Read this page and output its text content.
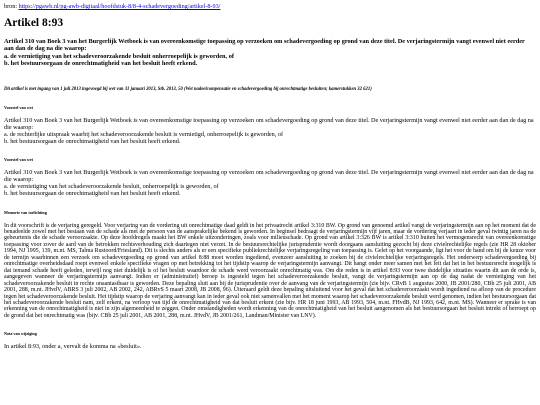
bron: https://pgawb.nl/pg-awb-digitaal/hoofdstuk-8/8-4-schadevergoeding/artikel-8-93/
Artikel 8:93
Artikel 310 van Boek 3 van het Burgerlijk Wetboek is van overeenkomstige toepassing op verzoeken om schadevergoeding op grond van deze titel. De verjaringstermijn vangt evenwel niet eerder aan dan de dag na die waarop:
a. de vernietiging van het schadeveroorzakende besluit onherroepelijk is geworden, of
b. het bestuursorgaan de onrechtmatigheid van het besluit heeft erkend.
Dit artikel is met ingang van 1 juli 2013 ingevoegd bij wet van 31 januari 2013, Stb. 2013, 50 (Wet nadeelcompensatie en schadevergoeding bij onrechtmatige besluiten; kamerstukken 32 621)
Voorstel van wet

Artikel 310 van Boek 3 van het Burgerlijk Wetboek is van overeenkomstige toepassing op verzoeken om schadevergoeding op grond van deze titel. De verjaringstermijn vangt evenwel niet eerder aan dan de dag na die waarop:

a. de rechterlijke uitspraak waarbij het schadeveroorzakende besluit is vernietigd, onherroepelijk is geworden, of

b. het bestuursorgaan de onrechtmatigheid van het besluit heeft erkend.

Voorstel van wet

Artikel 310 van Boek 3 van het Burgerlijk Wetboek is van overeenkomstige toepassing op verzoeken om schadevergoeding op grond van deze titel. De verjaringstermijn vangt evenwel niet eerder aan dan de dag na die waarop:

a. de vernietiging van het schadeveroorzakende besluit, onherroepelijk is geworden, of

b. het bestuursorgaan de onrechtmatigheid van het besluit heeft erkend.

Memorie van toelichting
In dit voorschrift is de verjaring geregeld. Voor verjaring van de vordering uit onrechtmatige daad geldt in het privaatrecht artikel 3:310 BW. Op grond van genoemd artikel vangt de verjaringstermijn aan op het moment dat de benadeelde zowel met het bestaan van de schade als met de persoon van de aansprakelijke bekend is geworden. In beginsel bedraagt de verjaringstermijn vijf jaren, maar de vordering verjaart in ieder geval twintig jaren na de gebeurtenis die de schade veroorzaakte. Op deze hoofdregels maakt het BW enkele uitzonderingen, zoals voor milieuschade. Op grond van artikel 3:326 BW is artikel 3:310 buiten het vermogensrecht van overeenkomstige toepassing voor zover de aard van de betrokken rechtsverhouding zich daartegen niet verzet. In de bestuursrechtelijke jurisprudentie wordt doorgaans aansluiting gezocht bij deze civielrechtelijke regels (zie HR 28 oktober 1994, NJ 1995, 139, m.nt. MS, Talma Rustoord/Friesland). Dit is slechts anders als er een specifieke publiekrechtelijke verjaringsregeling van toepassing is. Gelet op het voorgaande, ligt het voor de hand om bij de keuze voor de termijn waarbinnen een verzoek om schadevergoeding op grond van artikel 8:88 moet worden ingediend, evenzeer aansluiting te zoeken bij de civielrechtelijke verjaringsregels. Het onderwerp schadevergoeding bij onrechtmatige overheidsdaad roept evenwel enkele specifieke vragen op met betrekking tot het tijdstip waarop de verjaringstermijn aanvangt. Dit hangt onder meer samen met het feit dat het in het bestuursrecht mogelijk is dat iemand schade heeft geleden, terwijl nog niet duidelijk is of het besluit waardoor de schade werd veroorzaakt onrechtmatig was. Om die reden is in artikel 8:93 voor twee duidelijke situaties waarin dit aan de orde is, aangegeven wanneer de verjaringstermijn aanvangt. Indien er (administratief) beroep is ingesteld tegen het schadeveroorzakende besluit, vangt de verjaringstermijn aan op de dag nadat de vernietiging van het schadeveroorzakende besluit in rechte onaantastbaar is geworden. Deze bepaling sluit aan bij de jurisprudentie over de aanvang van de verjaringstermijn (zie bijv. CRvB 1 augustus 2000, JB 2001/280, CBb 25 juli 2001, AB 2001, 288, m.nt. JHvdV, ABRS 3 juli 2002, AB 2002, 242, ABRvS 5 maart 2008, JB 2008, 96). Uiteraard geldt deze bepaling uitsluitend voor het geval dat het schadeveroorzaakt wordt ingediend na afloop van de procedure tegen het schadeveroorzakende besluit. Het tijdstip waarop de verjaring aanvangt kan in ieder geval ook niet samenvallen met het moment waarop het schadeveroorzakende besluit werd genomen, indien het bestuursorgaan dat het schadeveroorzakende besluit nam, zelf erkent, na verloop van tijd de onrechtmatigheid van dat besluit erkent (zie bijv. HR 18 juni 1993, AB 1993, 504, m.nt. FHvdB, NJ 1993, 642, m.nt. MS). Wanneer er sprake is van erkenning van de onrechtmatigheid is niet in zijn algemeenheid te zeggen. Onder omstandigheden wordt erkenning van de onrechtmatigheid van het besluit aangenomen als het bestuursorgaan het besluit intrekt of herroept op de grond dat het onrechtmatig was (bijv. CBb 25 juli 2001, AB 2001, 288, m.nt. JHvdV, JB 2001/261, Landman/Minister van LNV).
Nota van wijziging
In artikel 8:93, onder a, vervalt de komma na «besluit».
